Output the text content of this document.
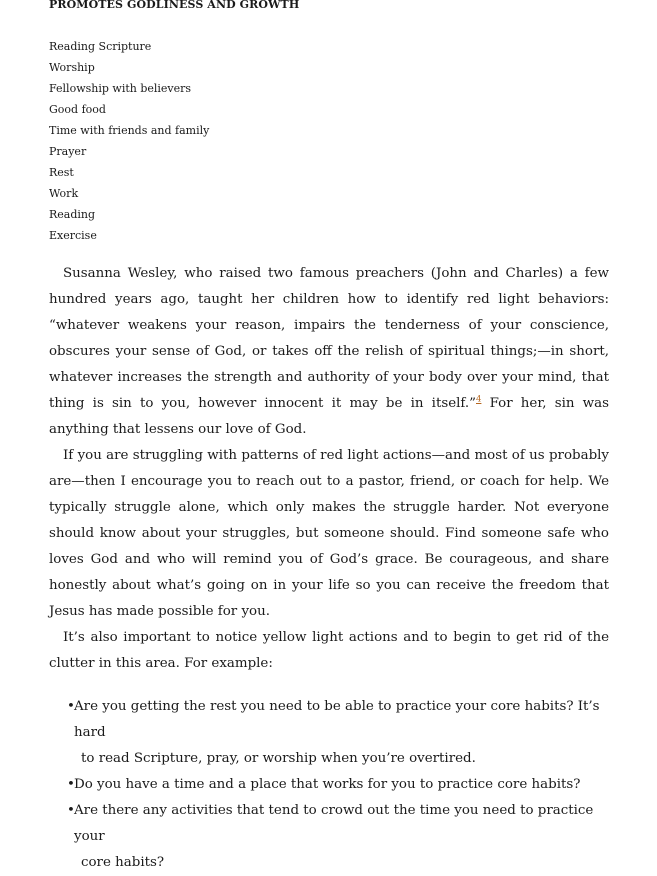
PROMOTES GODLINESS AND GROWTH
Reading Scripture
Worship
Fellowship with believers
Good food
Time with friends and family
Prayer
Rest
Work
Reading
Exercise

Susanna Wesley, who raised two famous preachers (John and Charles) a few hundred years ago, taught her children how to identify red light behaviors: “whatever weakens your reason, impairs the tenderness of your conscience, obscures your sense of God, or takes off the relish of spiritual things;—in short, whatever increases the strength and authority of your body over your mind, that thing is sin to you, however innocent it may be in itself.”$^4$ For her, sin was anything that lessens our love of God.

If you are struggling with patterns of red light actions—and most of us probably are—then I encourage you to reach out to a pastor, friend, or coach for help. We typically struggle alone, which only makes the struggle harder. Not everyone should know about your struggles, but someone should. Find someone safe who loves God and who will remind you of God’s grace. Be courageous, and share honestly about what’s going on in your life so you can receive the freedom that Jesus has made possible for you.

It’s also important to notice yellow light actions and to begin to get rid of the clutter in this area. For example:

•Are you getting the rest you need to be able to practice your core habits? It’s hard
to read Scripture, pray, or worship when you’re overtired.
•Do you have a time and a place that works for you to practice core habits?
•Are there any activities that tend to crowd out the time you need to practice your
core habits?
